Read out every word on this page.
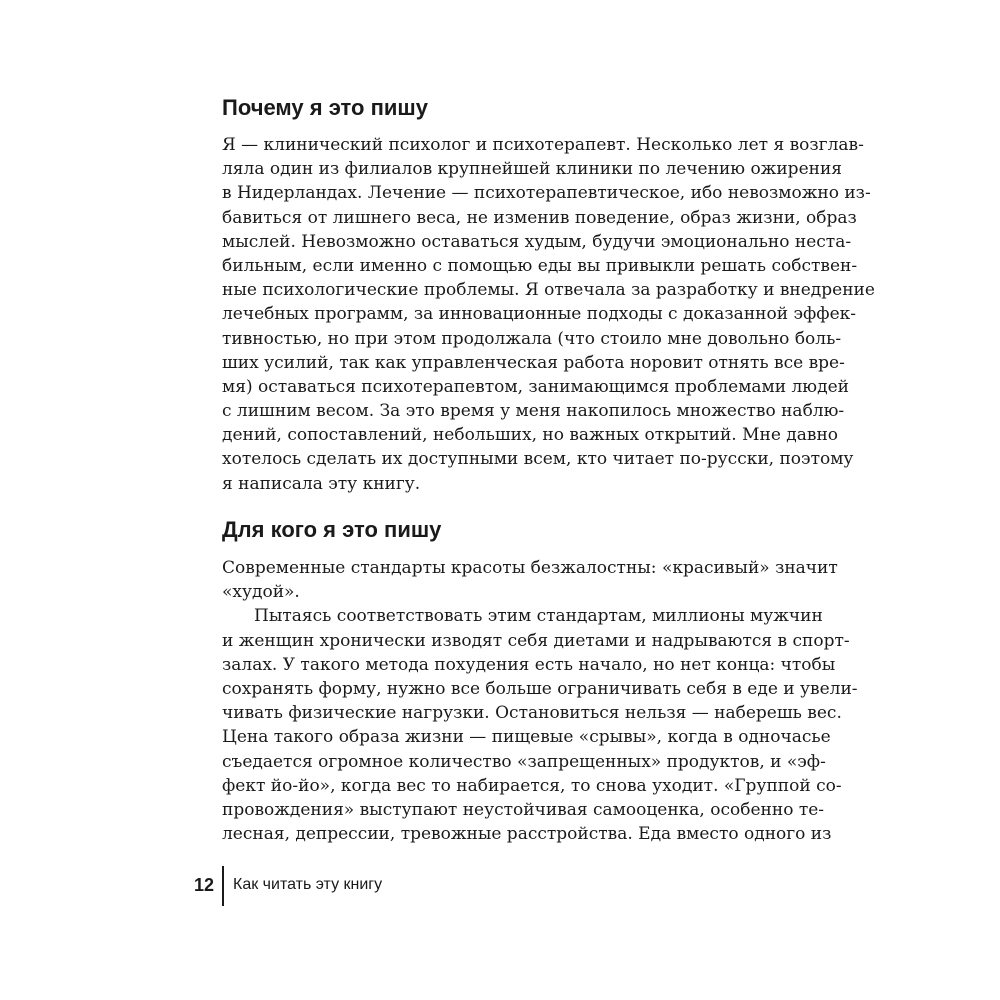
Почему я это пишу
Я — клинический психолог и психотерапевт. Несколько лет я возглав-
ляла один из филиалов крупнейшей клиники по лечению ожирения
в Нидерландах. Лечение — психотерапевтическое, ибо невозможно из-
бавиться от лишнего веса, не изменив поведение, образ жизни, образ
мыслей. Невозможно оставаться худым, будучи эмоционально неста-
бильным, если именно с помощью еды вы привыкли решать собствен-
ные психологические проблемы. Я отвечала за разработку и внедрение
лечебных программ, за инновационные подходы с доказанной эффек-
тивностью, но при этом продолжала (что стоило мне довольно боль-
ших усилий, так как управленческая работа норовит отнять все вре-
мя) оставаться психотерапевтом, занимающимся проблемами людей
с лишним весом. За это время у меня накопилось множество наблю-
дений, сопоставлений, небольших, но важных открытий. Мне давно
хотелось сделать их доступными всем, кто читает по-русски, поэтому
я написала эту книгу.
Для кого я это пишу
Современные стандарты красоты безжалостны: «красивый» значит
«худой».
Пытаясь соответствовать этим стандартам, миллионы мужчин
и женщин хронически изводят себя диетами и надрываются в спорт-
залах. У такого метода похудения есть начало, но нет конца: чтобы
сохранять форму, нужно все больше ограничивать себя в еде и увели-
чивать физические нагрузки. Остановиться нельзя — наберешь вес.
Цена такого образа жизни — пищевые «срывы», когда в одночасье
съедается огромное количество «запрещенных» продуктов, и «эф-
фект йо-йо», когда вес то набирается, то снова уходит. «Группой со-
провождения» выступают неустойчивая самооценка, особенно те-
лесная, депрессии, тревожные расстройства. Еда вместо одного из
12 Как читать эту книгу
